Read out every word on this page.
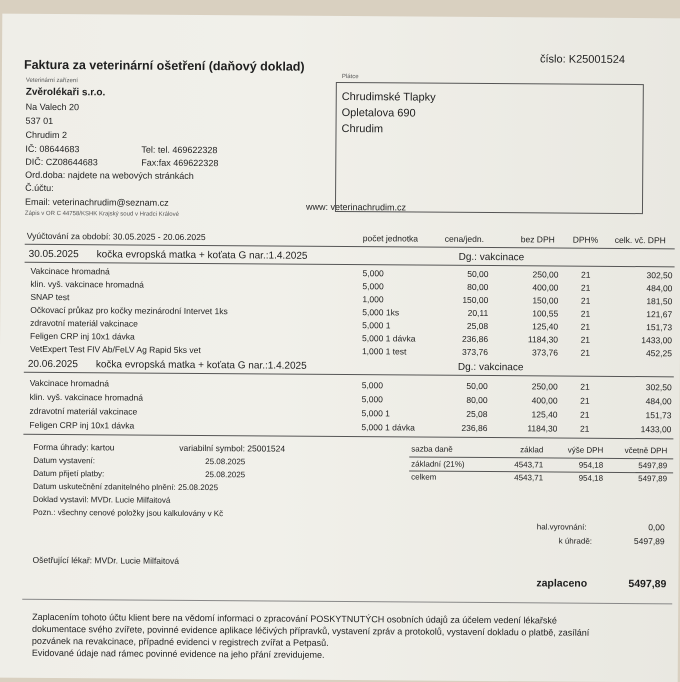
Faktura za veterinární ošetření (daňový doklad)	číslo: K25001524
Veterinární zařízení
Zvěrolékaři s.r.o.
Na Valech 20
537 01
Chrudim 2
IČ: 08644683	Tel: tel. 469622328
DIČ: CZ08644683	Fax:fax 469622328
Ord.doba: najdete na webových stránkách
Č.účtu:
Email: veterinachrudim@seznam.cz	www: veterinachrudim.cz
Zápis v OR C 44758/KSHK Krajský soud v Hradci Králové
Plátce
Chrudimské Tlapky
Opletalova 690
Chrudim
Vyúčtování za období: 30.05.2025 - 20.06.2025	počet jednotka	cena/jedn.	bez DPH DPH% celk. vč. DPH
30.05.2025 kočka evropská matka + koťata G nar.:1.4.2025	Dg.: vakcinace
Vakcinace hromadná	5,000	50,00	250,00	21	302,50
klin. vyš. vakcinace hromadná	5,000	80,00	400,00	21	484,00
SNAP test	1,000	150,00	150,00	21	181,50
Očkovací průkaz pro kočky mezinárodní Intervet 1ks	5,000 1ks	20,11	100,55	21	121,67
zdravotní materiál vakcinace	5,000 1	25,08	125,40	21	151,73
Feligen CRP inj 10x1 dávka	5,000 1 dávka	236,86	1184,30	21	1433,00
VetExpert Test FIV Ab/FeLV Ag Rapid 5ks vet	1,000 1 test	373,76	373,76	21	452,25
20.06.2025 kočka evropská matka + koťata G nar.:1.4.2025	Dg.: vakcinace
Vakcinace hromadná	5,000	50,00	250,00	21	302,50
klin. vyš. vakcinace hromadná	5,000	80,00	400,00	21	484,00
zdravotní materiál vakcinace	5,000 1	25,08	125,40	21	151,73
Feligen CRP inj 10x1 dávka	5,000 1 dávka	236,86	1184,30	21	1433,00
Forma úhrady: kartou	variabilní symbol: 25001524
Datum vystavení:	25.08.2025
Datum přijetí platby:	25.08.2025
Datum uskutečnění zdanitelného plnění: 25.08.2025
Doklad vystavil: MVDr. Lucie Milfaitová
Pozn.: všechny cenové položky jsou kalkulovány v Kč
sazba daně	základ	výše DPH	včetně DPH
základní (21%)	4543,71	954,18	5497,89
celkem	4543,71	954,18	5497,89
hal.vyrovnání:	0,00
k úhradě:	5497,89
Ošetřující lékař: MVDr. Lucie Milfaitová
zaplaceno	5497,89
Zaplacením tohoto účtu klient bere na vědomí informaci o zpracování POSKYTNUTÝCH osobních údajů za účelem vedení lékařské
dokumentace svého zvířete, povinné evidence aplikace léčivých přípravků, vystavení zpráv a protokolů, vystavení dokladu o platbě, zasílání
pozvánek na revakcinace, případné evidenci v registrech zvířat a Petpasů.
Evidované údaje nad rámec povinné evidence na jeho přání zrevidujeme.
